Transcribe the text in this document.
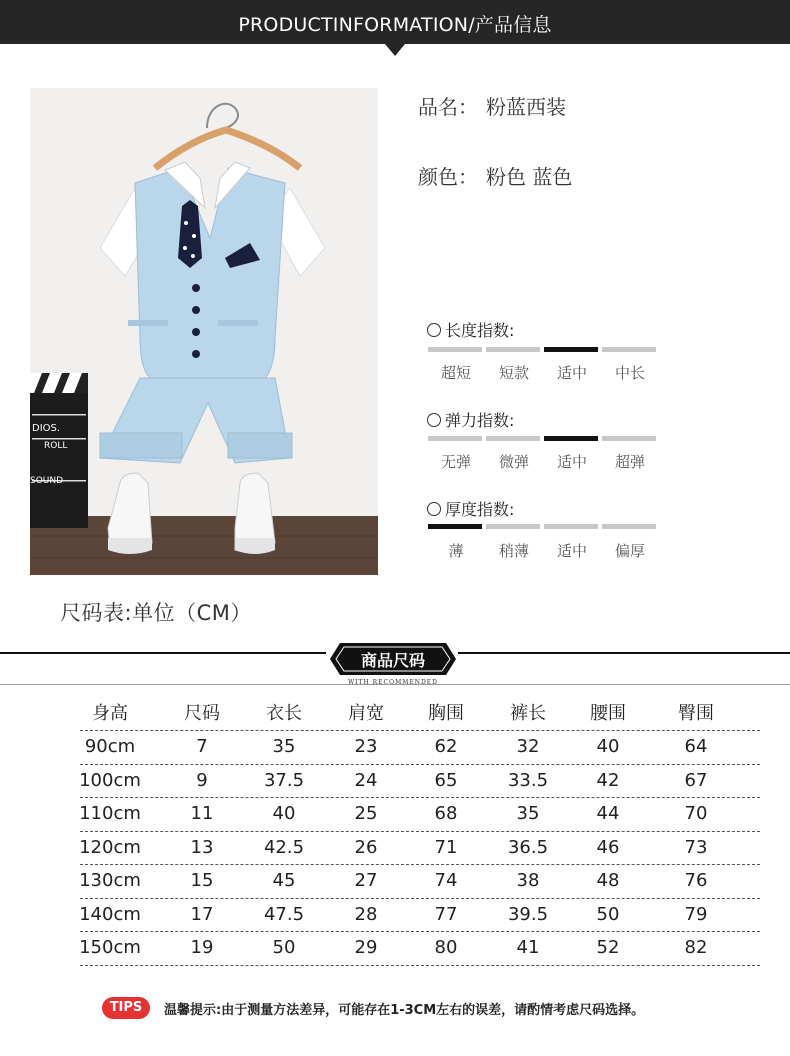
PRODUCTINFORMATION/产品信息
DIOS.
ROLL
SOUND
品名： 粉蓝西装
颜色： 粉色 蓝色
长度指数:
超短	短款	适中	中长
弹力指数:
无弹	微弹	适中	超弹
厚度指数:
薄	稍薄	适中	偏厚
尺码表:单位（CM）
商品尺码
WITH RECOMMENDED
身高	尺码	衣长	肩宽	胸围	裤长	腰围	臀围
90cm	7	35	23	62	32	40	64
100cm	9	37.5	24	65	33.5	42	67
110cm	11	40	25	68	35	44	70
120cm	13	42.5	26	71	36.5	46	73
130cm	15	45	27	74	38	48	76
140cm	17	47.5	28	77	39.5	50	79
150cm	19	50	29	80	41	52	82
TIPS	温馨提示:由于测量方法差异，可能存在1-3CM左右的误差，请酌情考虑尺码选择。
